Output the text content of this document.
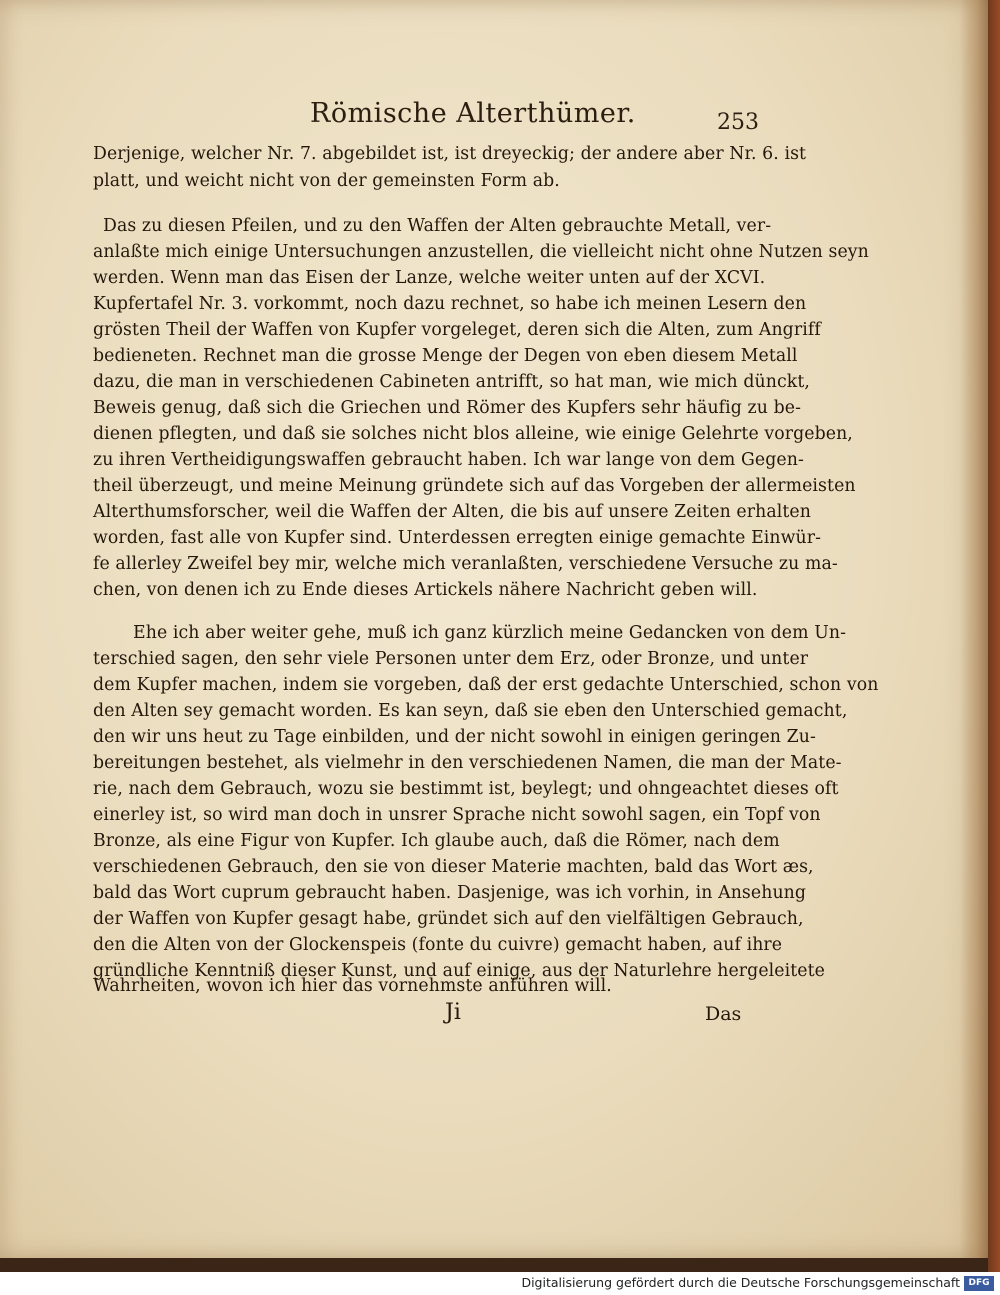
Römische Alterthümer.	253
Derjenige, welcher Nr. 7. abgebildet ist, ist dreyeckig; der andere aber Nr. 6. ist
platt, und weicht nicht von der gemeinsten Form ab.
Das zu diesen Pfeilen, und zu den Waffen der Alten gebrauchte Metall, ver-
anlaßte mich einige Untersuchungen anzustellen, die vielleicht nicht ohne Nutzen seyn
werden. Wenn man das Eisen der Lanze, welche weiter unten auf der XCVI.
Kupfertafel Nr. 3. vorkommt, noch dazu rechnet, so habe ich meinen Lesern den
grösten Theil der Waffen von Kupfer vorgeleget, deren sich die Alten, zum Angriff
bedieneten. Rechnet man die grosse Menge der Degen von eben diesem Metall
dazu, die man in verschiedenen Cabineten antrifft, so hat man, wie mich dünckt,
Beweis genug, daß sich die Griechen und Römer des Kupfers sehr häufig zu be-
dienen pflegten, und daß sie solches nicht blos alleine, wie einige Gelehrte vorgeben,
zu ihren Vertheidigungswaffen gebraucht haben. Ich war lange von dem Gegen-
theil überzeugt, und meine Meinung gründete sich auf das Vorgeben der allermeisten
Alterthumsforscher, weil die Waffen der Alten, die bis auf unsere Zeiten erhalten
worden, fast alle von Kupfer sind. Unterdessen erregten einige gemachte Einwür-
fe allerley Zweifel bey mir, welche mich veranlaßten, verschiedene Versuche zu ma-
chen, von denen ich zu Ende dieses Artickels nähere Nachricht geben will.
Ehe ich aber weiter gehe, muß ich ganz kürzlich meine Gedancken von dem Un-
terschied sagen, den sehr viele Personen unter dem Erz, oder Bronze, und unter
dem Kupfer machen, indem sie vorgeben, daß der erst gedachte Unterschied, schon von
den Alten sey gemacht worden. Es kan seyn, daß sie eben den Unterschied gemacht,
den wir uns heut zu Tage einbilden, und der nicht sowohl in einigen geringen Zu-
bereitungen bestehet, als vielmehr in den verschiedenen Namen, die man der Mate-
rie, nach dem Gebrauch, wozu sie bestimmt ist, beylegt; und ohngeachtet dieses oft
einerley ist, so wird man doch in unsrer Sprache nicht sowohl sagen, ein Topf von
Bronze, als eine Figur von Kupfer. Ich glaube auch, daß die Römer, nach dem
verschiedenen Gebrauch, den sie von dieser Materie machten, bald das Wort æs,
bald das Wort cuprum gebraucht haben. Dasjenige, was ich vorhin, in Ansehung
der Waffen von Kupfer gesagt habe, gründet sich auf den vielfältigen Gebrauch,
den die Alten von der Glockenspeis (fonte du cuivre) gemacht haben, auf ihre
gründliche Kenntniß dieser Kunst, und auf einige, aus der Naturlehre hergeleitete
Wahrheiten, wovon ich hier das vornehmste anführen will.
Ji	Das
Digitalisierung gefördert durch die Deutsche Forschungsgemeinschaft DFG
